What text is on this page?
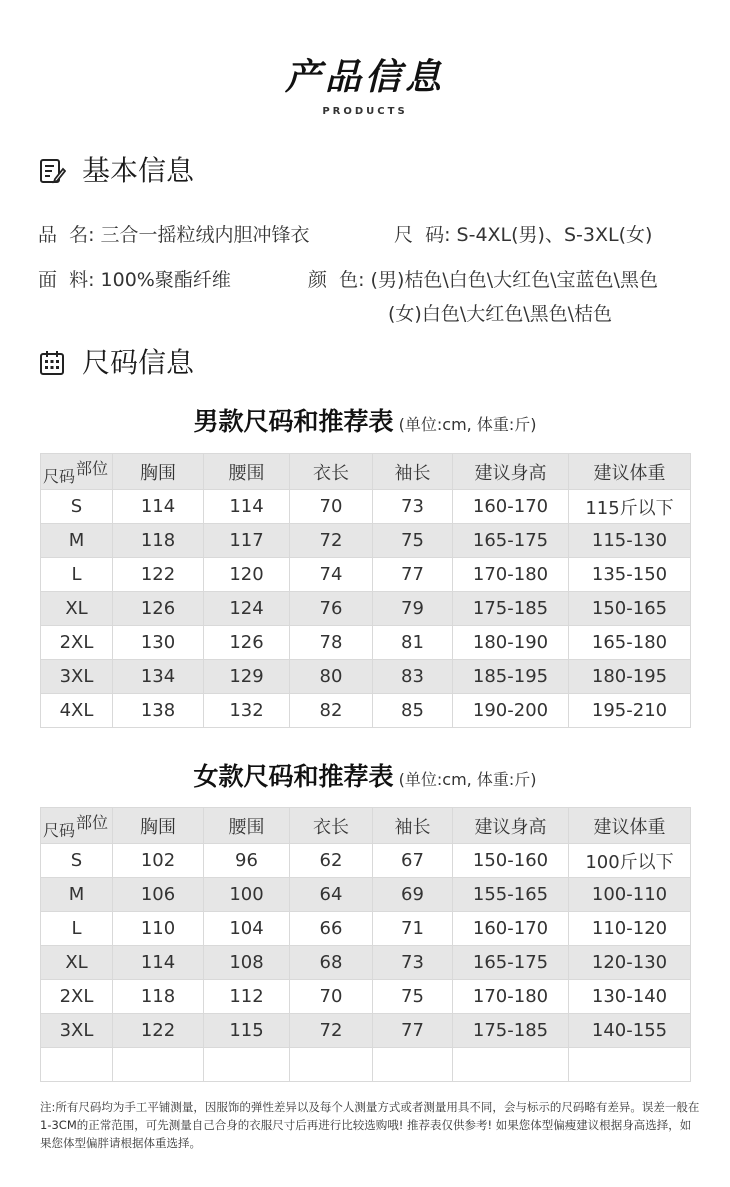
产品信息
PRODUCTS
基本信息
品  名: 三合一摇粒绒内胆冲锋衣	尺  码: S-4XL(男)、S-3XL(女)
面  料: 100%聚酯纤维	颜  色: (男)桔色\白色\大红色\宝蓝色\黑色
(女)白色\大红色\黑色\桔色
尺码信息
男款尺码和推荐表 (单位:cm, 体重:斤)
部位
尺码	胸围	腰围	衣长	袖长	建议身高	建议体重
S	114	114	70	73	160-170	115斤以下
M	118	117	72	75	165-175	115-130
L	122	120	74	77	170-180	135-150
XL	126	124	76	79	175-185	150-165
2XL	130	126	78	81	180-190	165-180
3XL	134	129	80	83	185-195	180-195
4XL	138	132	82	85	190-200	195-210
女款尺码和推荐表 (单位:cm, 体重:斤)
部位
尺码	胸围	腰围	衣长	袖长	建议身高	建议体重
S	102	96	62	67	150-160	100斤以下
M	106	100	64	69	155-165	100-110
L	110	104	66	71	160-170	110-120
XL	114	108	68	73	165-175	120-130
2XL	118	112	70	75	170-180	130-140
3XL	122	115	72	77	175-185	140-155

注:所有尺码均为手工平铺测量，因服饰的弹性差异以及每个人测量方式或者测量用具不同，会与标示的尺码略有差异。误差一般在1-3CM的正常范围，可先测量自己合身的衣服尺寸后再进行比较选购哦! 推荐表仅供参考! 如果您体型偏瘦建议根据身高选择，如果您体型偏胖请根据体重选择。
